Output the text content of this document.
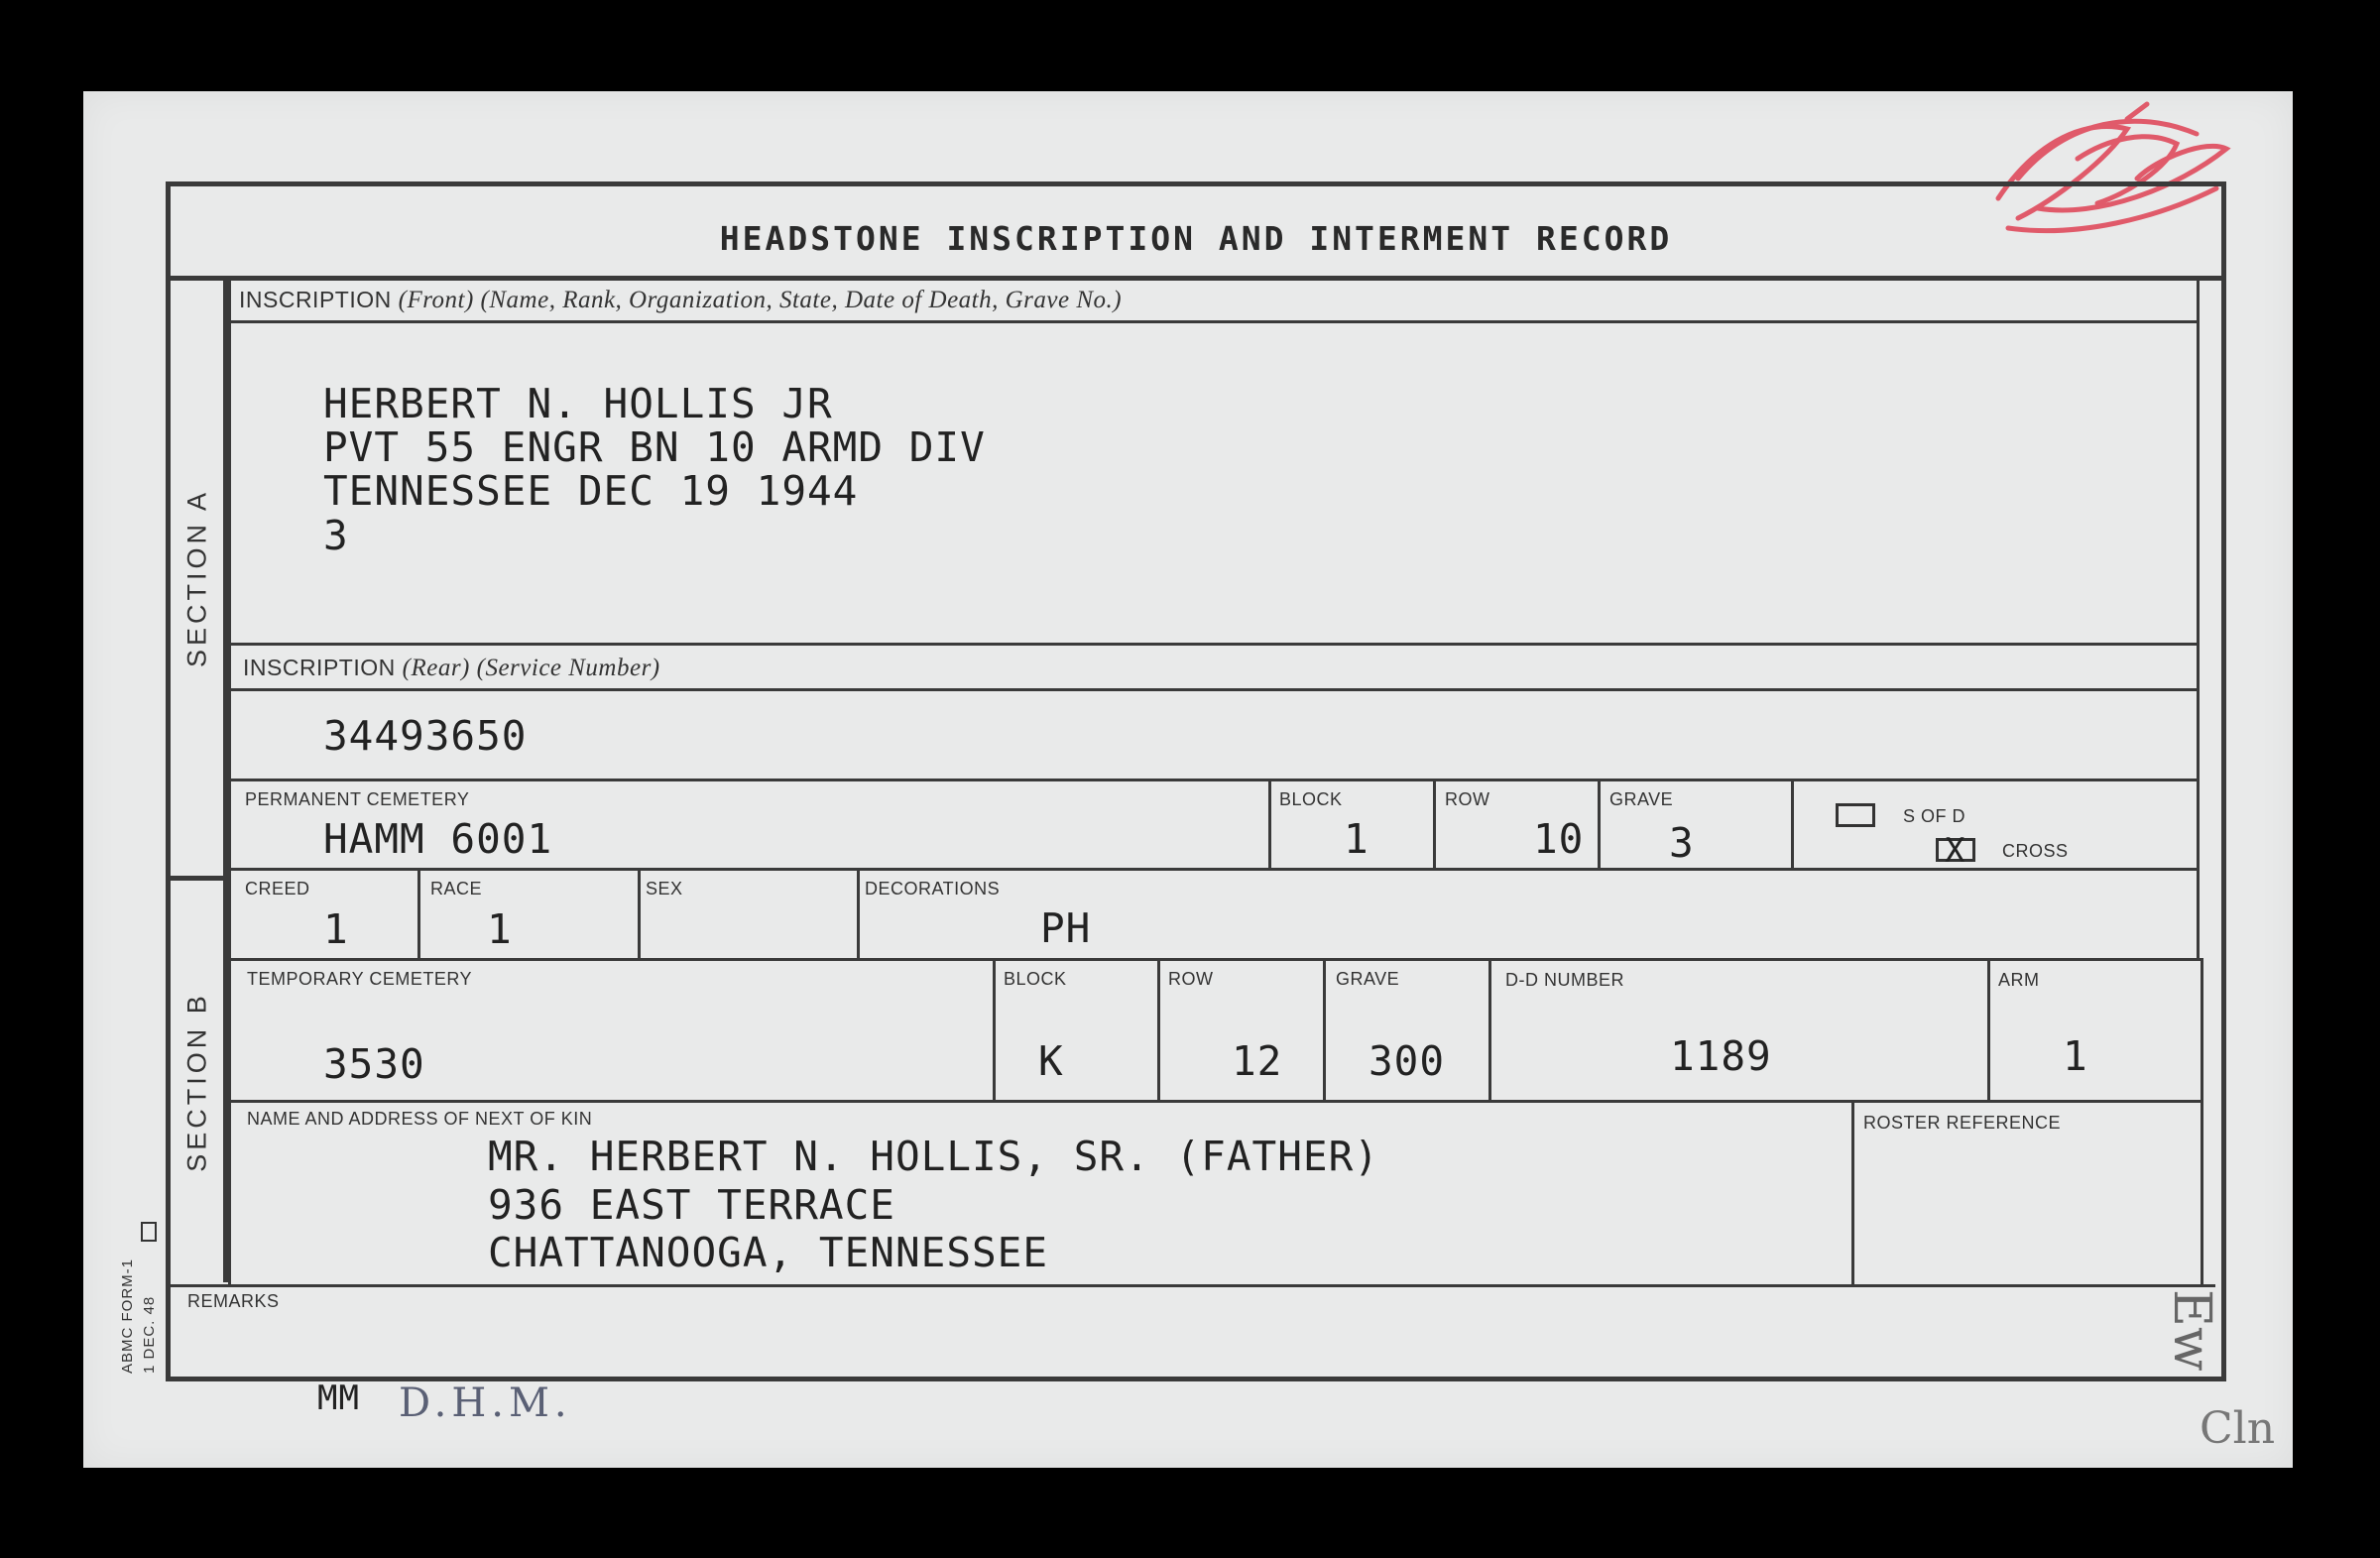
HEADSTONE INSCRIPTION AND INTERMENT RECORD
SECTION A
SECTION B
INSCRIPTION (Front) (Name, Rank, Organization, State, Date of Death, Grave No.)
HERBERT N. HOLLIS JR
PVT 55 ENGR BN 10 ARMD DIV
TENNESSEE DEC 19 1944
3
INSCRIPTION (Rear) (Service Number)
34493650
PERMANENT CEMETERY
HAMM 6001
BLOCK
1
ROW
10
GRAVE
3
S OF D
X CROSS
CREED
1
RACE
1
SEX	DECORATIONS
PH
TEMPORARY CEMETERY
3530
BLOCK
K
ROW
12
GRAVE
300
D-D NUMBER
1189
ARM
1
NAME AND ADDRESS OF NEXT OF KIN
MR. HERBERT N. HOLLIS, SR. (FATHER)
936 EAST TERRACE
CHATTANOOGA, TENNESSEE
ROSTER REFERENCE
REMARKS
ABMC FORM-1 1 DEC. 48
MM D.H.M.
Ew
Cln
